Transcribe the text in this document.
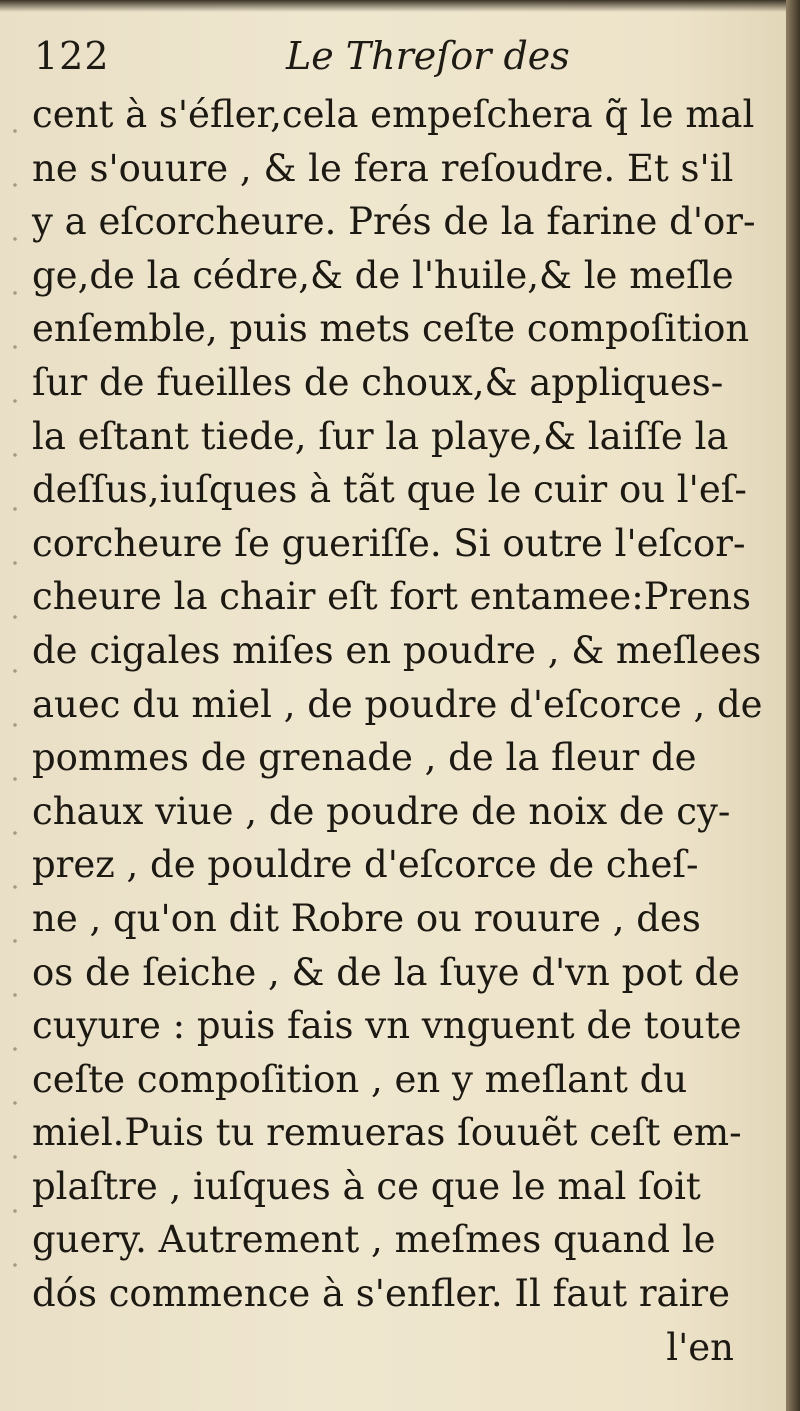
122	Le Threſor des
cent à s'éfler,cela empeſchera q̃ le mal
ne s'ouure , & le fera reſoudre. Et s'il
y a eſcorcheure. Prés de la farine d'or-
ge,de la cédre,& de l'huile,& le meſle
enſemble, puis mets ceſte compoſition
ſur de fueilles de choux,& appliques-
la eſtant tiede, ſur la playe,& laiſſe la
deſſus,iuſques à tãt que le cuir ou l'eſ-
corcheure ſe gueriſſe. Si outre l'eſcor-
cheure la chair eſt fort entamee:Prens
de cigales miſes en poudre , & meſlees
auec du miel , de poudre d'eſcorce , de
pommes de grenade , de la fleur de
chaux viue , de poudre de noix de cy-
prez , de pouldre d'eſcorce de cheſ-
ne , qu'on dit Robre ou rouure , des
os de ſeiche , & de la ſuye d'vn pot de
cuyure : puis fais vn vnguent de toute
ceſte compoſition , en y meſlant du
miel.Puis tu remueras ſouuẽt ceſt em-
plaſtre , iuſques à ce que le mal ſoit
guery. Autrement , meſmes quand le
dós commence à s'enfler. Il faut raire
l'en
